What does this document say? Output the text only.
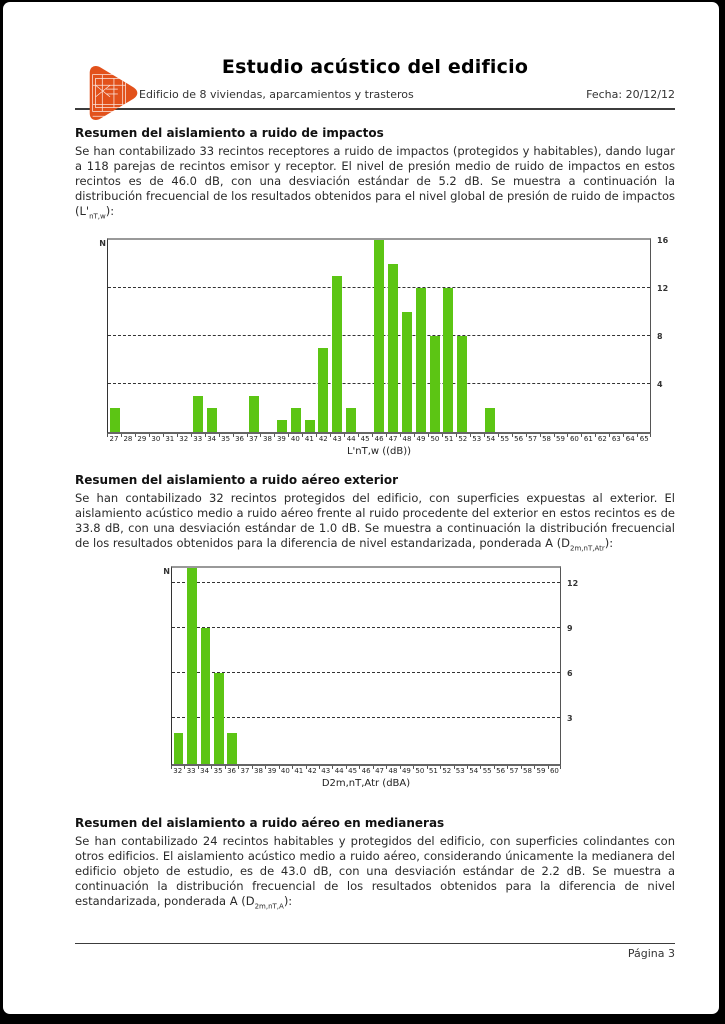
Estudio acústico del edificio
Edificio de 8 viviendas, aparcamientos y trasteros	Fecha: 20/12/12
Resumen del aislamiento a ruido de impactos

Se han contabilizado 33 recintos receptores a ruido de impactos (protegidos y habitables), dando lugar a 118 parejas de recintos emisor y receptor. El nivel de presión medio de ruido de impactos en estos recintos es de 46.0 dB, con una desviación estándar de 5.2 dB. Se muestra a continuación la distribución frecuencial de los resultados obtenidos para el nivel global de presión de ruido de impactos $(L'_{nT,w})$:

N
4
8
12
16
27 28 29 30 31 32 33 34 35 36 37 38 39 40 41 42 43 44 45 46 47 48 49 50 51 52 53 54 55 56 57 58 59 60 61 62 63 64 65
L'nT,w ((dB))
Resumen del aislamiento a ruido aéreo exterior

Se han contabilizado 32 recintos protegidos del edificio, con superficies expuestas al exterior. El aislamiento acústico medio a ruido aéreo frente al ruido procedente del exterior en estos recintos es de 33.8 dB, con una desviación estándar de 1.0 dB. Se muestra a continuación la distribución frecuencial de los resultados obtenidos para la diferencia de nivel estandarizada, ponderada A $(D_{2m,nT,Atr})$:

N
3
6
9
12
32 33 34 35 36 37 38 39 40 41 42 43 44 45 46 47 48 49 50 51 52 53 54 55 56 57 58 59 60
D2m,nT,Atr (dBA)
Resumen del aislamiento a ruido aéreo en medianeras

Se han contabilizado 24 recintos habitables y protegidos del edificio, con superficies colindantes con otros edificios. El aislamiento acústico medio a ruido aéreo, considerando únicamente la medianera del edificio objeto de estudio, es de 43.0 dB, con una desviación estándar de 2.2 dB. Se muestra a continuación la distribución frecuencial de los resultados obtenidos para la diferencia de nivel estandarizada, ponderada A $(D_{2m,nT,A})$:

Página 3
